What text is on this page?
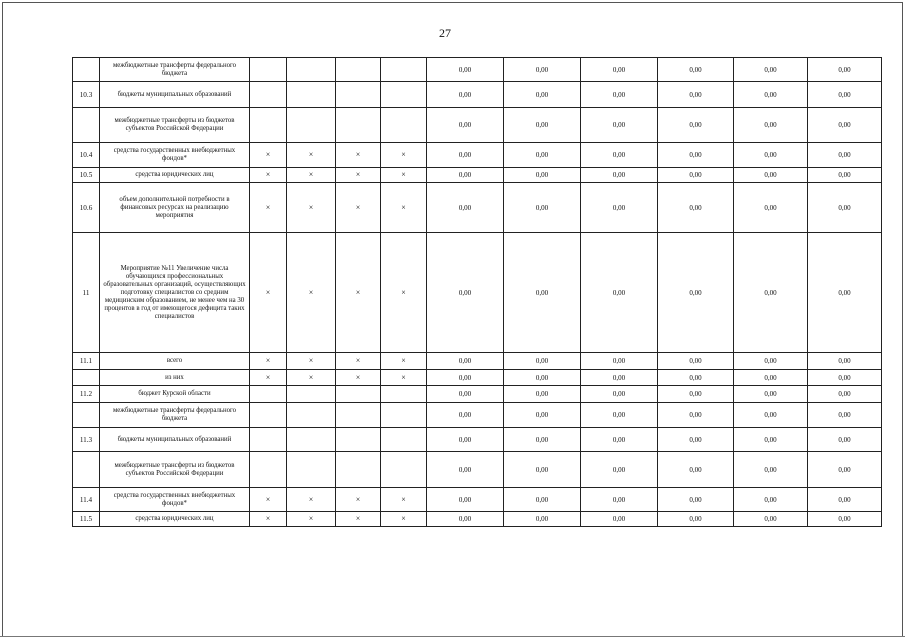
27
	межбюджетные трансферты федерального бюджета					0,00	0,00	0,00	0,00	0,00	0,00
10.3	бюджеты муниципальных образований					0,00	0,00	0,00	0,00	0,00	0,00
	межбюджетные трансферты из бюджетов субъектов Российской Федерации					0,00	0,00	0,00	0,00	0,00	0,00
10.4	средства государственных внебюджетных фондов*	×	×	×	×	0,00	0,00	0,00	0,00	0,00	0,00
10.5	средства юридических лиц	×	×	×	×	0,00	0,00	0,00	0,00	0,00	0,00
10.6	объем дополнительной потребности в финансовых ресурсах на реализацию мероприятия	×	×	×	×	0,00	0,00	0,00	0,00	0,00	0,00
11	Мероприятие №11 Увеличение числа обучающихся профессиональных образовательных организаций, осуществляющих подготовку специалистов со средним медицинским образованием, не менее чем на 30 процентов в год от имеющегося дефицита таких специалистов	×	×	×	×	0,00	0,00	0,00	0,00	0,00	0,00
11.1	всего	×	×	×	×	0,00	0,00	0,00	0,00	0,00	0,00
	из них	×	×	×	×	0,00	0,00	0,00	0,00	0,00	0,00
11.2	бюджет Курской области					0,00	0,00	0,00	0,00	0,00	0,00
	межбюджетные трансферты федерального бюджета					0,00	0,00	0,00	0,00	0,00	0,00
11.3	бюджеты муниципальных образований					0,00	0,00	0,00	0,00	0,00	0,00
	межбюджетные трансферты из бюджетов субъектов Российской Федерации					0,00	0,00	0,00	0,00	0,00	0,00
11.4	средства государственных внебюджетных фондов*	×	×	×	×	0,00	0,00	0,00	0,00	0,00	0,00
11.5	средства юридических лиц	×	×	×	×	0,00	0,00	0,00	0,00	0,00	0,00
